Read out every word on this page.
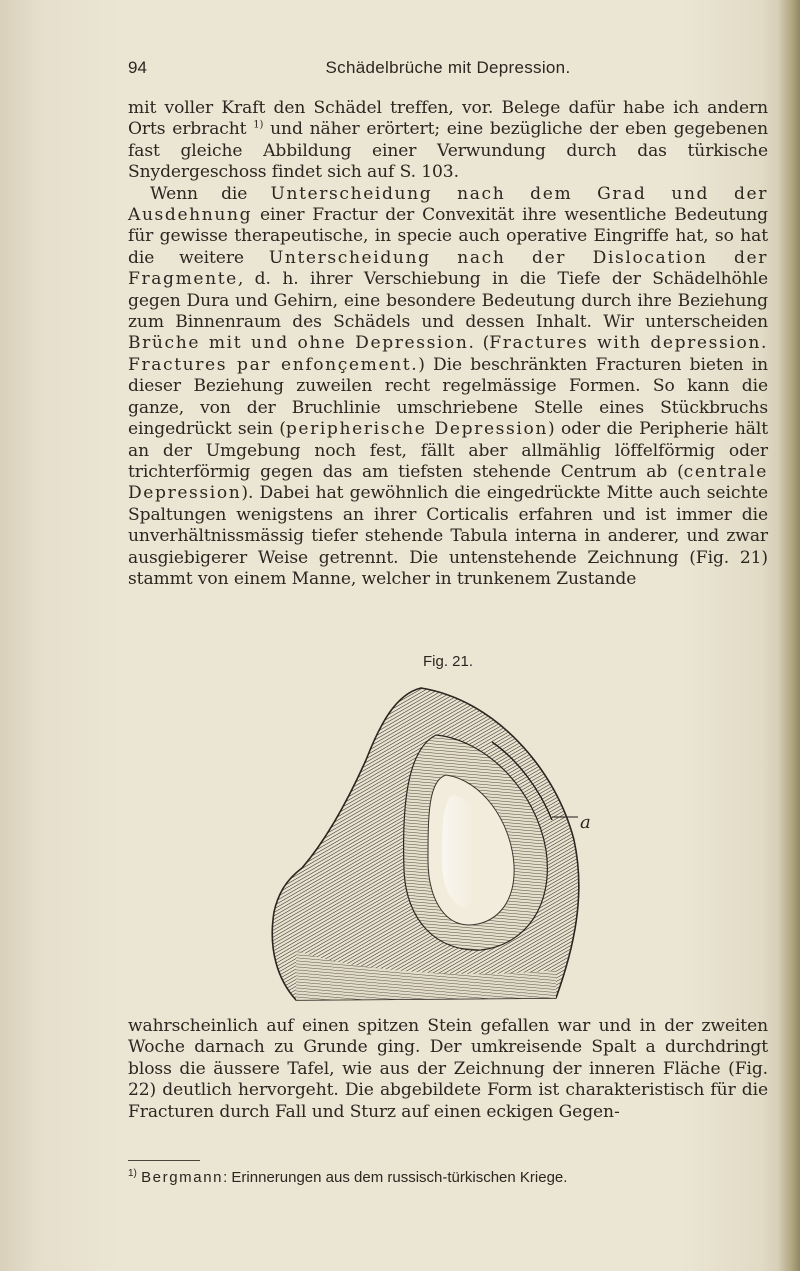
94	Schädelbrüche mit Depression.

mit voller Kraft den Schädel treffen, vor. Belege dafür habe ich andern Orts erbracht $^{1)}$ und näher erörtert; eine bezügliche der eben gegebenen fast gleiche Abbildung einer Verwundung durch das türkische Snydergeschoss findet sich auf S. 103.

Wenn die Unterscheidung nach dem Grad und der Ausdehnung einer Fractur der Convexität ihre wesentliche Bedeutung für gewisse therapeutische, in specie auch operative Eingriffe hat, so hat die weitere Unterscheidung nach der Dislocation der Fragmente, d. h. ihrer Verschiebung in die Tiefe der Schädelhöhle gegen Dura und Gehirn, eine besondere Bedeutung durch ihre Beziehung zum Binnenraum des Schädels und dessen Inhalt. Wir unterscheiden Brüche mit und ohne Depression. (Fractures with depression. Fractures par enfonçement.) Die beschränkten Fracturen bieten in dieser Beziehung zuweilen recht regelmässige Formen. So kann die ganze, von der Bruchlinie umschriebene Stelle eines Stückbruchs eingedrückt sein (peripherische Depression) oder die Peripherie hält an der Umgebung noch fest, fällt aber allmählig löffelförmig oder trichterförmig gegen das am tiefsten stehende Centrum ab (centrale Depression). Dabei hat gewöhnlich die eingedrückte Mitte auch seichte Spaltungen wenigstens an ihrer Corticalis erfahren und ist immer die unverhältnissmässig tiefer stehende Tabula interna in anderer, und zwar ausgiebigerer Weise getrennt. Die untenstehende Zeichnung (Fig. 21) stammt von einem Manne, welcher in trunkenem Zustande

Fig. 21.
a

wahrscheinlich auf einen spitzen Stein gefallen war und in der zweiten Woche darnach zu Grunde ging. Der umkreisende Spalt a durchdringt bloss die äussere Tafel, wie aus der Zeichnung der inneren Fläche (Fig. 22) deutlich hervorgeht. Die abgebildete Form ist charakteristisch für die Fracturen durch Fall und Sturz auf einen eckigen Gegen-

$^{1)}$ Bergmann: Erinnerungen aus dem russisch-türkischen Kriege.
